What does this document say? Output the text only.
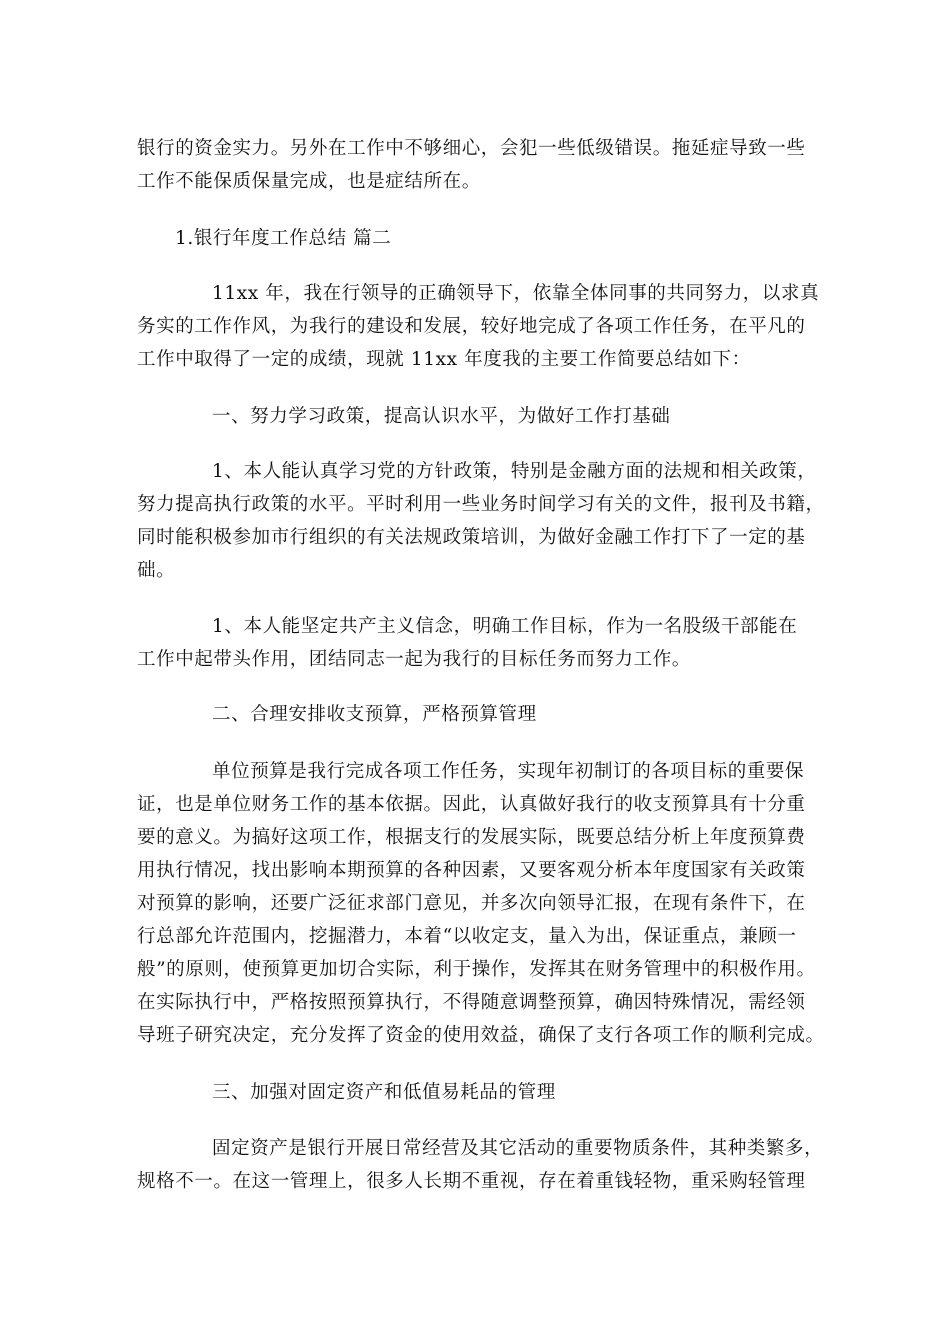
银行的资金实力。另外在工作中不够细心，会犯一些低级错误。拖延症导致一些
工作不能保质保量完成，也是症结所在。
1.银行年度工作总结 篇二
11xx 年，我在行领导的正确领导下，依靠全体同事的共同努力，以求真
务实的工作作风，为我行的建设和发展，较好地完成了各项工作任务，在平凡的
工作中取得了一定的成绩，现就 11xx 年度我的主要工作简要总结如下：
一、努力学习政策，提高认识水平，为做好工作打基础
1、本人能认真学习党的方针政策，特别是金融方面的法规和相关政策，
努力提高执行政策的水平。平时利用一些业务时间学习有关的文件，报刊及书籍，
同时能积极参加市行组织的有关法规政策培训，为做好金融工作打下了一定的基
础。
1、本人能坚定共产主义信念，明确工作目标，作为一名股级干部能在
工作中起带头作用，团结同志一起为我行的目标任务而努力工作。
二、合理安排收支预算，严格预算管理
单位预算是我行完成各项工作任务，实现年初制订的各项目标的重要保
证，也是单位财务工作的基本依据。因此，认真做好我行的收支预算具有十分重
要的意义。为搞好这项工作，根据支行的发展实际，既要总结分析上年度预算费
用执行情况，找出影响本期预算的各种因素，又要客观分析本年度国家有关政策
对预算的影响，还要广泛征求部门意见，并多次向领导汇报，在现有条件下，在
行总部允许范围内，挖掘潜力，本着“以收定支，量入为出，保证重点，兼顾一
般”的原则，使预算更加切合实际，利于操作，发挥其在财务管理中的积极作用。
在实际执行中，严格按照预算执行，不得随意调整预算，确因特殊情况，需经领
导班子研究决定，充分发挥了资金的使用效益，确保了支行各项工作的顺利完成。
三、加强对固定资产和低值易耗品的管理
固定资产是银行开展日常经营及其它活动的重要物质条件，其种类繁多，
规格不一。在这一管理上，很多人长期不重视，存在着重钱轻物，重采购轻管理
